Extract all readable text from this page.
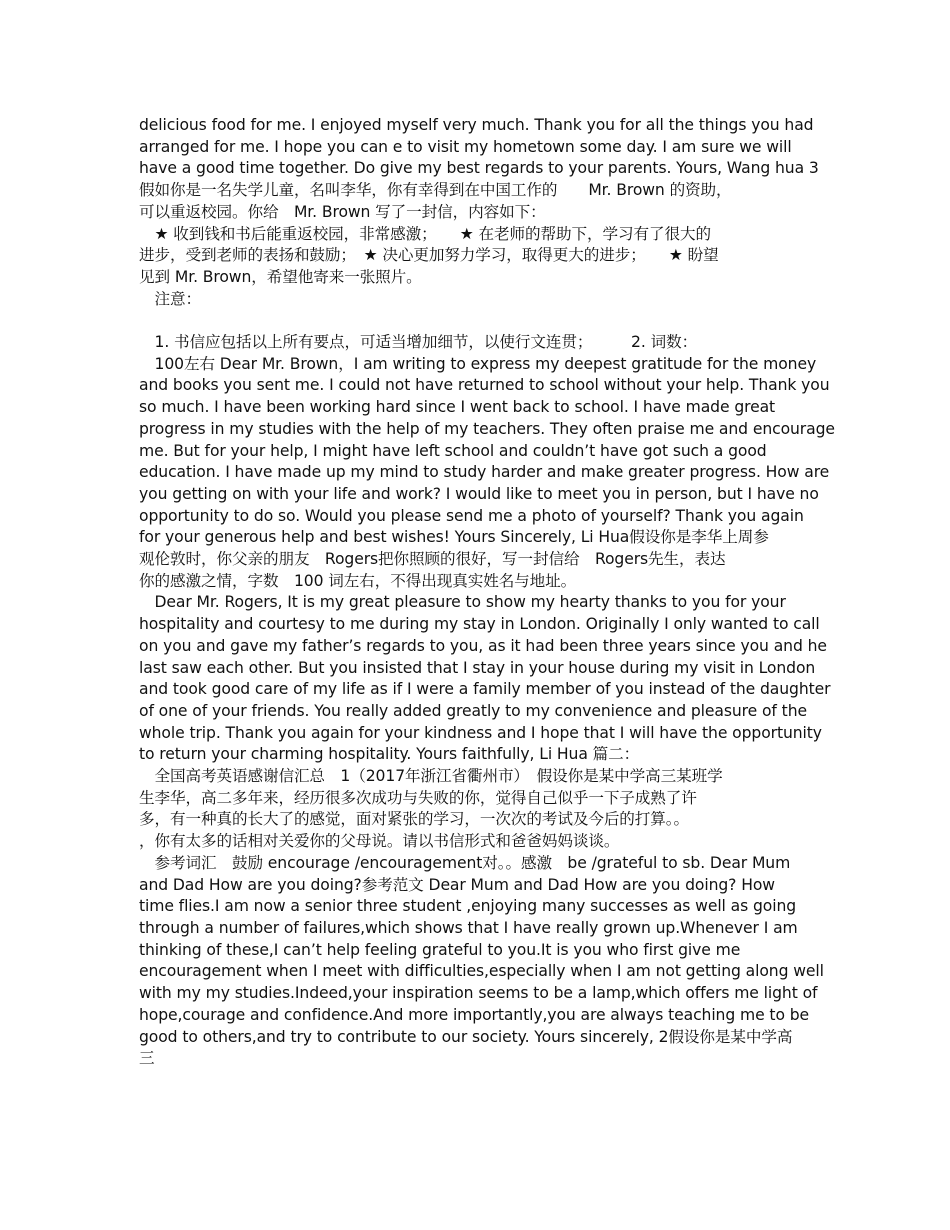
delicious food for me. I enjoyed myself very much. Thank you for all the things you had
arranged for me. I hope you can e to visit my hometown some day. I am sure we will
have a good time together. Do give my best regards to your parents. Yours, Wang hua 3
假如你是一名失学儿童，名叫李华，你有幸得到在中国工作的　　Mr. Brown 的资助，
可以重返校园。你给　Mr. Brown 写了一封信，内容如下：
　★ 收到钱和书后能重返校园，非常感激；　　★ 在老师的帮助下，学习有了很大的
进步，受到老师的表扬和鼓励；　★ 决心更加努力学习，取得更大的进步；　　★ 盼望
见到 Mr. Brown，希望他寄来一张照片。
　注意：
　1. 书信应包括以上所有要点，可适当增加细节，以使行文连贯；　　　2. 词数：
　100左右 Dear Mr. Brown，I am writing to express my deepest gratitude for the money
and books you sent me. I could not have returned to school without your help. Thank you
so much. I have been working hard since I went back to school. I have made great
progress in my studies with the help of my teachers. They often praise me and encourage
me. But for your help, I might have left school and couldn’t have got such a good
education. I have made up my mind to study harder and make greater progress. How are
you getting on with your life and work? I would like to meet you in person, but I have no
opportunity to do so. Would you please send me a photo of yourself? Thank you again
for your generous help and best wishes! Yours Sincerely, Li Hua假设你是李华上周参
观伦敦时，你父亲的朋友　Rogers把你照顾的很好，写一封信给　Rogers先生，表达
你的感激之情，字数　100 词左右，不得出现真实姓名与地址。
　Dear Mr. Rogers, It is my great pleasure to show my hearty thanks to you for your
hospitality and courtesy to me during my stay in London. Originally I only wanted to call
on you and gave my father’s regards to you, as it had been three years since you and he
last saw each other. But you insisted that I stay in your house during my visit in London
and took good care of my life as if I were a family member of you instead of the daughter
of one of your friends. You really added greatly to my convenience and pleasure of the
whole trip. Thank you again for your kindness and I hope that I will have the opportunity
to return your charming hospitality. Yours faithfully, Li Hua 篇二：
　全国高考英语感谢信汇总　1（2017年浙江省衢州市）　假设你是某中学高三某班学
生李华，高二多年来，经历很多次成功与失败的你，觉得自己似乎一下子成熟了许
多，有一种真的长大了的感觉，面对紧张的学习，一次次的考试及今后的打算。。
，你有太多的话相对关爱你的父母说。请以书信形式和爸爸妈妈谈谈。
　参考词汇　鼓励 encourage /encouragement对。。感激　be /grateful to sb. Dear Mum
and Dad How are you doing?参考范文 Dear Mum and Dad How are you doing? How
time flies.I am now a senior three student ,enjoying many successes as well as going
through a number of failures,which shows that I have really grown up.Whenever I am
thinking of these,I can’t help feeling grateful to you.It is you who first give me
encouragement when I meet with difficulties,especially when I am not getting along well
with my my studies.Indeed,your inspiration seems to be a lamp,which offers me light of
hope,courage and confidence.And more importantly,you are always teaching me to be
good to others,and try to contribute to our society. Yours sincerely, 2假设你是某中学高
三
